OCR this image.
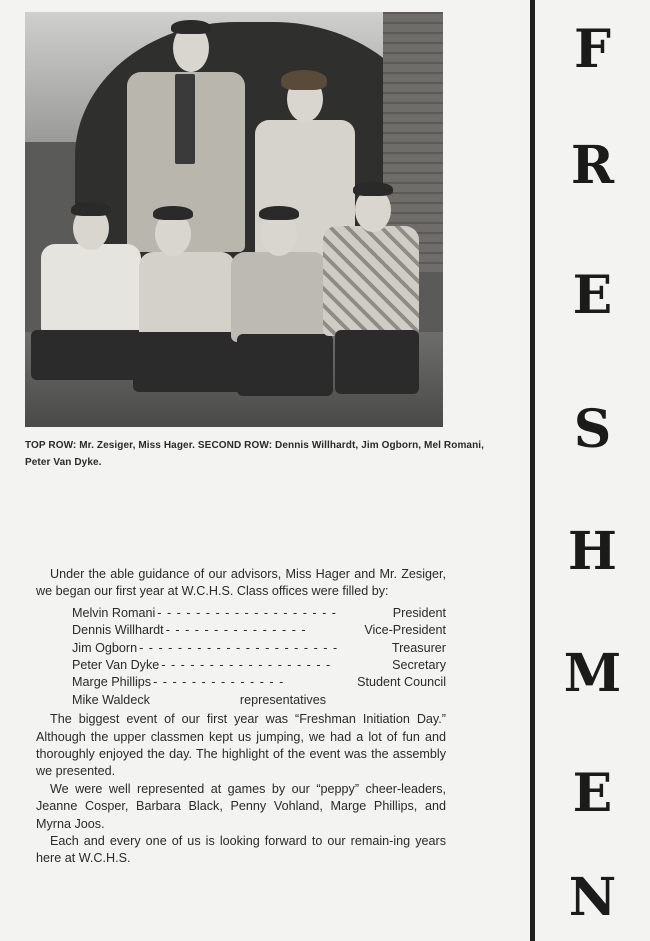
TOP ROW: Mr. Zesiger, Miss Hager. SECOND ROW: Dennis Willhardt, Jim Ogborn, Mel Romani, Peter Van Dyke.

Under the able guidance of our advisors, Miss Hager and Mr. Zesiger, we began our first year at W.C.H.S. Class offices were filled by:

Melvin Romani - - - - - - - - - - - - - - - - - - -	President
Dennis Willhardt - - - - - - - - - - - - - - -	Vice-President
Jim Ogborn - - - - - - - - - - - - - - - - - - - - -	Treasurer
Peter Van Dyke - - - - - - - - - - - - - - - - - -	Secretary
Marge Phillips - - - - - - - - - - - - - -	Student Council
Mike Waldeck	representatives

The biggest event of our first year was “Freshman Initiation Day.” Although the upper classmen kept us jumping, we had a lot of fun and thoroughly enjoyed the day. The highlight of the event was the assembly we presented.

We were well represented at games by our “peppy” cheer-leaders, Jeanne Cosper, Barbara Black, Penny Vohland, Marge Phillips, and Myrna Joos.

Each and every one of us is looking forward to our remain-ing years here at W.C.H.S.

F
R
E
S
H
M
E
N
